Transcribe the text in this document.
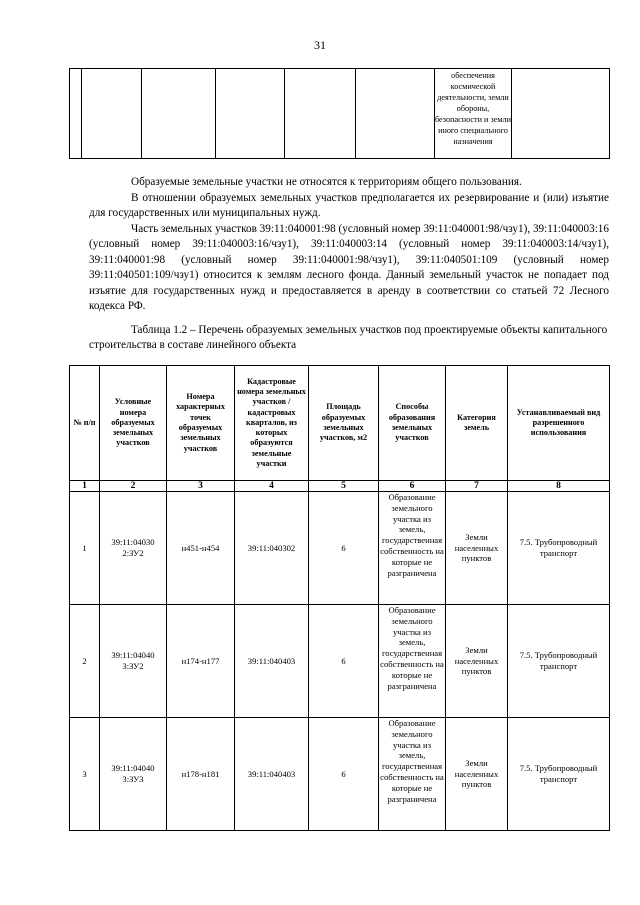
31
						обеспечения космической деятельности, земли обороны, безопасности и земли иного специального назначения	

Образуемые земельные участки не относятся к территориям общего пользования.

В отношении образуемых земельных участков предполагается их резервирование и (или) изъятие для государственных или муниципальных нужд.

Часть земельных участков 39:11:040001:98 (условный номер 39:11:040001:98/чзу1), 39:11:040003:16 (условный номер 39:11:040003:16/чзу1), 39:11:040003:14 (условный номер 39:11:040003:14/чзу1), 39:11:040001:98 (условный номер 39:11:040001:98/чзу1), 39:11:040501:109 (условный номер 39:11:040501:109/чзу1) относится к землям лесного фонда. Данный земельный участок не попадает под изъятие для государственных нужд и предоставляется в аренду в соответствии со статьей 72 Лесного кодекса РФ.

Таблица 1.2 – Перечень образуемых земельных участков под проектируемые объекты капитального строительства в составе линейного объекта
№ п/п	Условные номера образуемых земельных участков	Номера характерных точек образуемых земельных участков	Кадастровые номера земельных участков / кадастровых кварталов, из которых образуются земельные участки	Площадь образуемых земельных участков, м2	Способы образования земельных участков	Категория земель	Устанавливаемый вид разрешенного использования
1	2	3	4	5	6	7	8
1	39:11:04030 2:ЗУ2	н451-н454	39:11:040302	6	Образование земельного участка из земель, государственная собственность на которые не разграничена	Земли населенных пунктов	7.5. Трубопроводный транспорт
2	39:11:04040 3:ЗУ2	н174-н177	39:11:040403	6	Образование земельного участка из земель, государственная собственность на которые не разграничена	Земли населенных пунктов	7.5. Трубопроводный транспорт
3	39:11:04040 3:ЗУ3	н178-н181	39:11:040403	6	Образование земельного участка из земель, государственная собственность на которые не разграничена	Земли населенных пунктов	7.5. Трубопроводный транспорт
